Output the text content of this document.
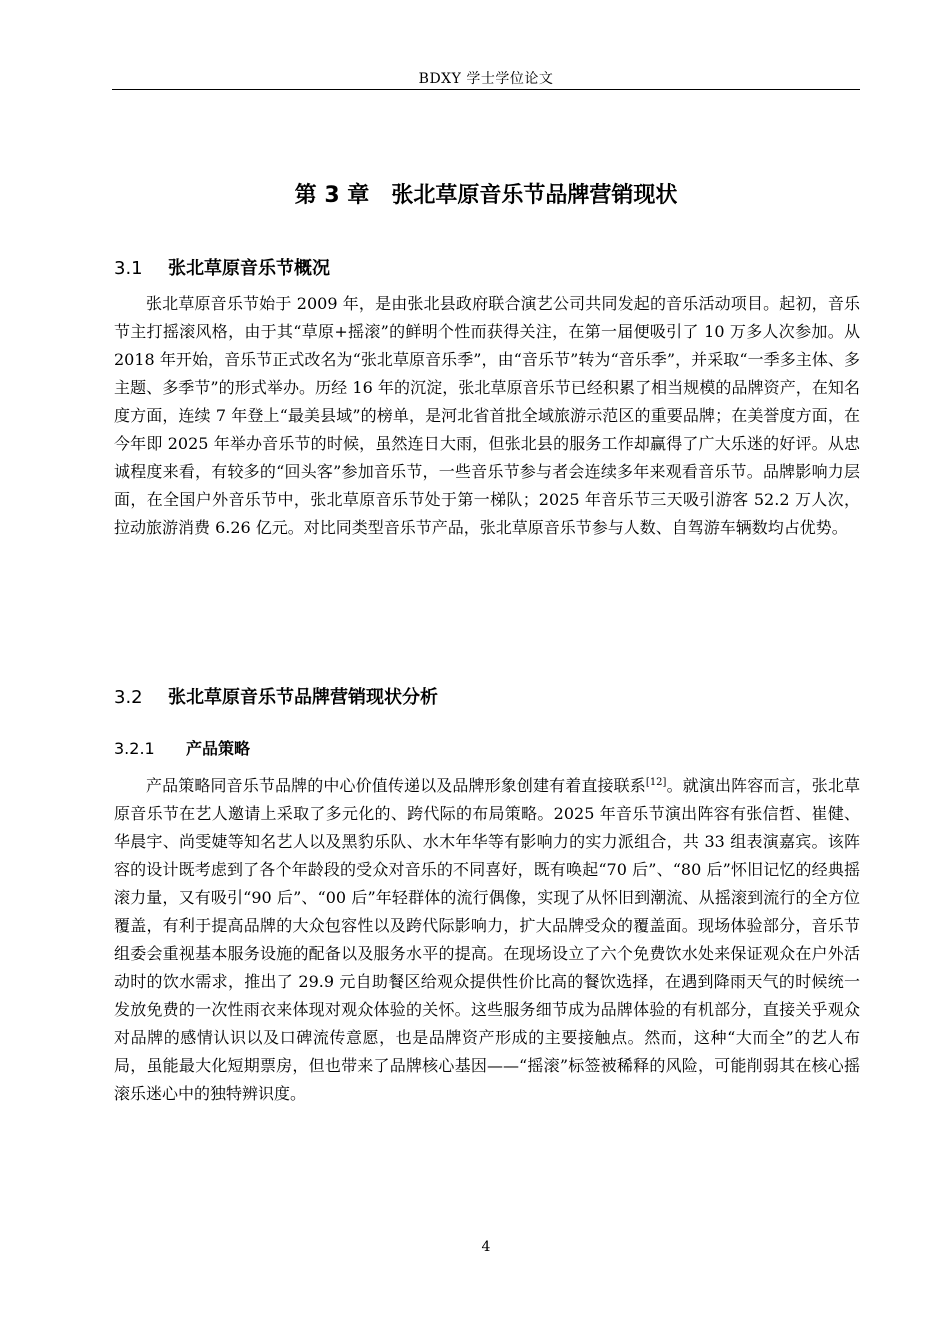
BDXY 学士学位论文
第 3 章 张北草原音乐节品牌营销现状
3.1 张北草原音乐节概况

张北草原音乐节始于 2009 年，是由张北县政府联合演艺公司共同发起的音乐活动项目。起初，音乐节主打摇滚风格，由于其“草原+摇滚”的鲜明个性而获得关注，在第一届便吸引了 10 万多人次参加。从 2018 年开始，音乐节正式改名为“张北草原音乐季”，由“音乐节”转为“音乐季”，并采取“一季多主体、多主题、多季节”的形式举办。历经 16 年的沉淀，张北草原音乐节已经积累了相当规模的品牌资产，在知名度方面，连续 7 年登上“最美县域”的榜单，是河北省首批全域旅游示范区的重要品牌；在美誉度方面，在今年即 2025 年举办音乐节的时候，虽然连日大雨，但张北县的服务工作却赢得了广大乐迷的好评。从忠诚程度来看，有较多的“回头客”参加音乐节，一些音乐节参与者会连续多年来观看音乐节。品牌影响力层面，在全国户外音乐节中，张北草原音乐节处于第一梯队；2025 年音乐节三天吸引游客 52.2 万人次，拉动旅游消费 6.26 亿元。对比同类型音乐节产品，张北草原音乐节参与人数、自驾游车辆数均占优势。

3.2 张北草原音乐节品牌营销现状分析
3.2.1 产品策略

产品策略同音乐节品牌的中心价值传递以及品牌形象创建有着直接联系[12]。就演出阵容而言，张北草原音乐节在艺人邀请上采取了多元化的、跨代际的布局策略。2025 年音乐节演出阵容有张信哲、崔健、华晨宇、尚雯婕等知名艺人以及黑豹乐队、水木年华等有影响力的实力派组合，共 33 组表演嘉宾。该阵容的设计既考虑到了各个年龄段的受众对音乐的不同喜好，既有唤起“70 后”、“80 后”怀旧记忆的经典摇滚力量，又有吸引“90 后”、“00 后”年轻群体的流行偶像，实现了从怀旧到潮流、从摇滚到流行的全方位覆盖，有利于提高品牌的大众包容性以及跨代际影响力，扩大品牌受众的覆盖面。现场体验部分，音乐节组委会重视基本服务设施的配备以及服务水平的提高。在现场设立了六个免费饮水处来保证观众在户外活动时的饮水需求，推出了 29.9 元自助餐区给观众提供性价比高的餐饮选择，在遇到降雨天气的时候统一发放免费的一次性雨衣来体现对观众体验的关怀。这些服务细节成为品牌体验的有机部分，直接关乎观众对品牌的感情认识以及口碑流传意愿，也是品牌资产形成的主要接触点。然而，这种“大而全”的艺人布局，虽能最大化短期票房，但也带来了品牌核心基因——“摇滚”标签被稀释的风险，可能削弱其在核心摇滚乐迷心中的独特辨识度。

4
